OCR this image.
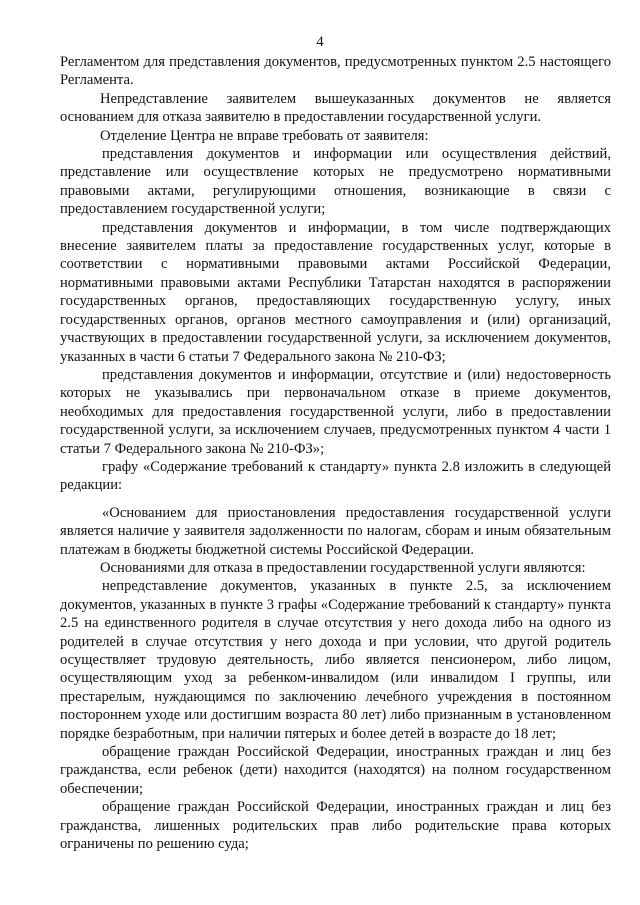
4

Регламентом для представления документов, предусмотренных пунктом 2.5 настоящего Регламента.

Непредставление заявителем вышеуказанных документов не является основанием для отказа заявителю в предоставлении государственной услуги.

Отделение Центра не вправе требовать от заявителя:

представления документов и информации или осуществления действий, представление или осуществление которых не предусмотрено нормативными правовыми актами, регулирующими отношения, возникающие в связи с предоставлением государственной услуги;

представления документов и информации, в том числе подтверждающих внесение заявителем платы за предоставление государственных услуг, которые в соответствии с нормативными правовыми актами Российской Федерации, нормативными правовыми актами Республики Татарстан находятся в распоряжении государственных органов, предоставляющих государственную услугу, иных государственных органов, органов местного самоуправления и (или) организаций, участвующих в предоставлении государственной услуги, за исключением документов, указанных в части 6 статьи 7 Федерального закона № 210-ФЗ;

представления документов и информации, отсутствие и (или) недостоверность которых не указывались при первоначальном отказе в приеме документов, необходимых для предоставления государственной услуги, либо в предоставлении государственной услуги, за исключением случаев, предусмотренных пунктом 4 части 1 статьи 7 Федерального закона № 210-ФЗ»;

графу «Содержание требований к стандарту» пункта 2.8 изложить в следующей редакции:

«Основанием для приостановления предоставления государственной услуги является наличие у заявителя задолженности по налогам, сборам и иным обязательным платежам в бюджеты бюджетной системы Российской Федерации.

Основаниями для отказа в предоставлении государственной услуги являются:

непредставление документов, указанных в пункте 2.5, за исключением документов, указанных в пункте 3 графы «Содержание требований к стандарту» пункта 2.5 на единственного родителя в случае отсутствия у него дохода либо на одного из родителей в случае отсутствия у него дохода и при условии, что другой родитель осуществляет трудовую деятельность, либо является пенсионером, либо лицом, осуществляющим уход за ребенком-инвалидом (или инвалидом I группы, или престарелым, нуждающимся по заключению лечебного учреждения в постоянном постороннем уходе или достигшим возраста 80 лет) либо признанным в установленном порядке безработным, при наличии пятерых и более детей в возрасте до 18 лет;

обращение граждан Российской Федерации, иностранных граждан и лиц без гражданства, если ребенок (дети) находится (находятся) на полном государственном обеспечении;

обращение граждан Российской Федерации, иностранных граждан и лиц без гражданства, лишенных родительских прав либо родительские права которых ограничены по решению суда;
